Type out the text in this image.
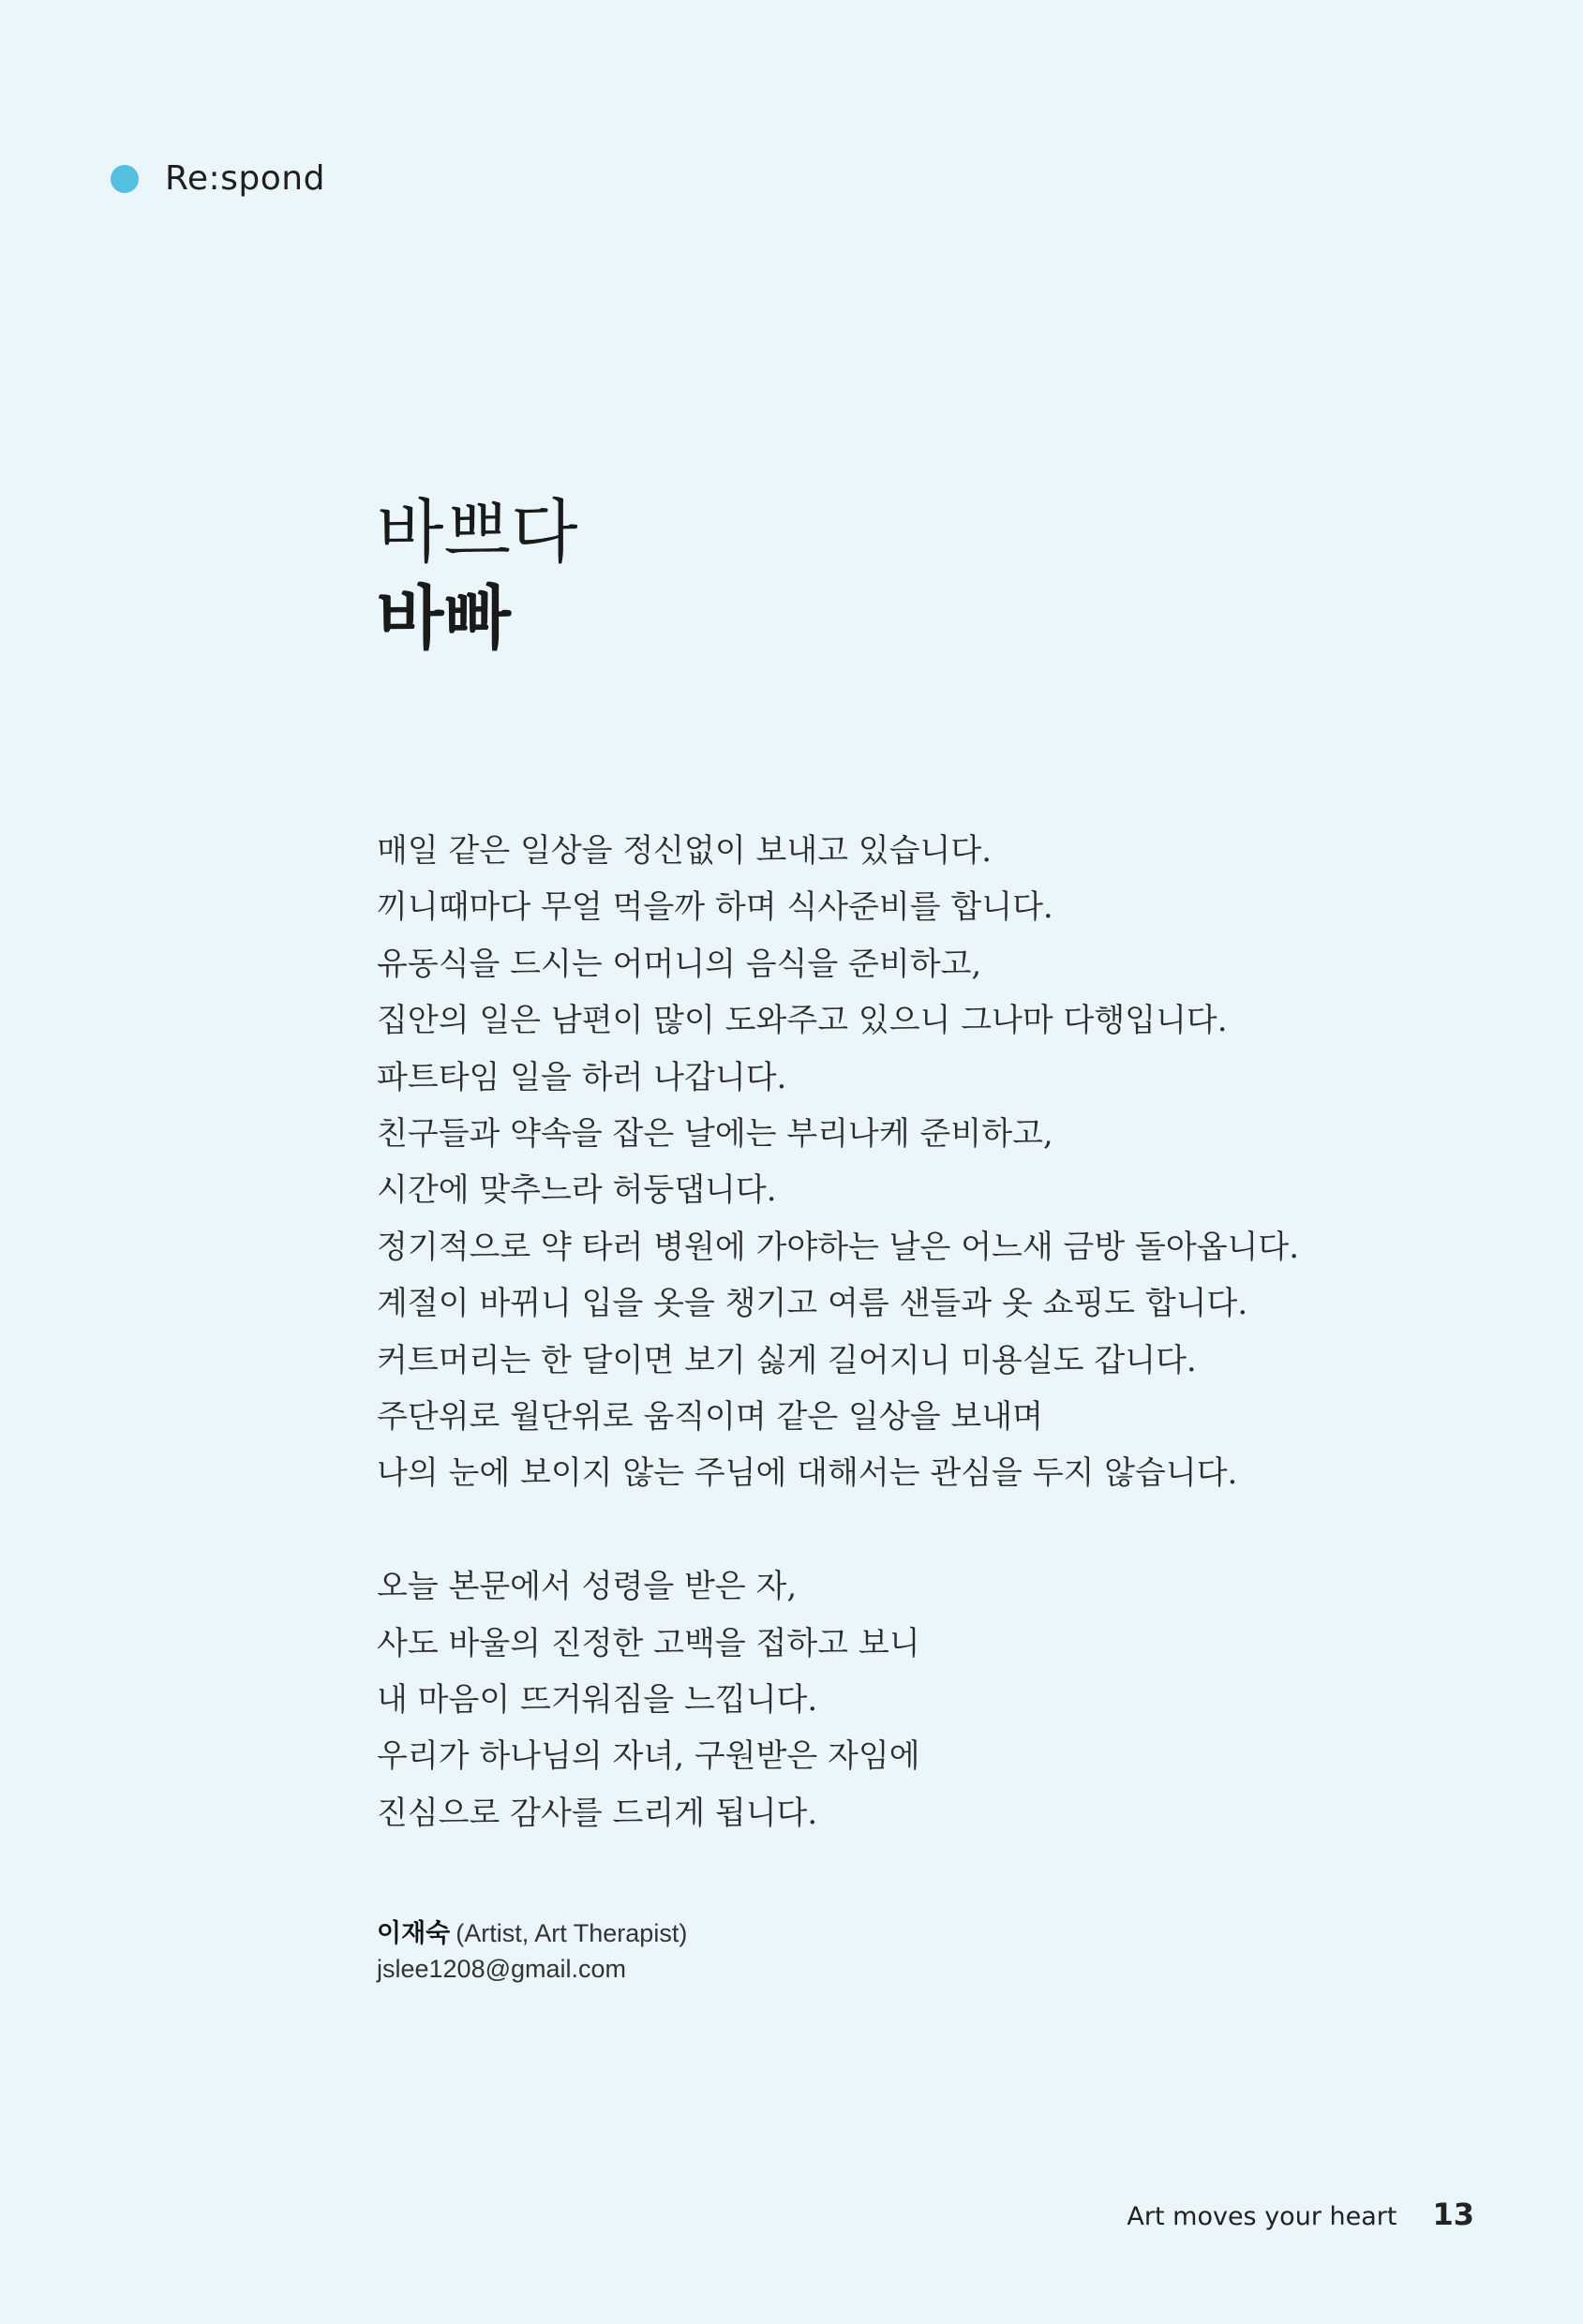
Re:spond
바쁘다
바빠

매일 같은 일상을 정신없이 보내고 있습니다.
끼니때마다 무얼 먹을까 하며 식사준비를 합니다.
유동식을 드시는 어머니의 음식을 준비하고,
집안의 일은 남편이 많이 도와주고 있으니 그나마 다행입니다.
파트타임 일을 하러 나갑니다.
친구들과 약속을 잡은 날에는 부리나케 준비하고,
시간에 맞추느라 허둥댑니다.
정기적으로 약 타러 병원에 가야하는 날은 어느새 금방 돌아옵니다.
계절이 바뀌니 입을 옷을 챙기고 여름 샌들과 옷 쇼핑도 합니다.
커트머리는 한 달이면 보기 싫게 길어지니 미용실도 갑니다.
주단위로 월단위로 움직이며 같은 일상을 보내며
나의 눈에 보이지 않는 주님에 대해서는 관심을 두지 않습니다.

오늘 본문에서 성령을 받은 자,
사도 바울의 진정한 고백을 접하고 보니
내 마음이 뜨거워짐을 느낍니다.
우리가 하나님의 자녀, 구원받은 자임에
진심으로 감사를 드리게 됩니다.

이재숙 (Artist, Art Therapist)
jslee1208@gmail.com
Art moves your heart 13
